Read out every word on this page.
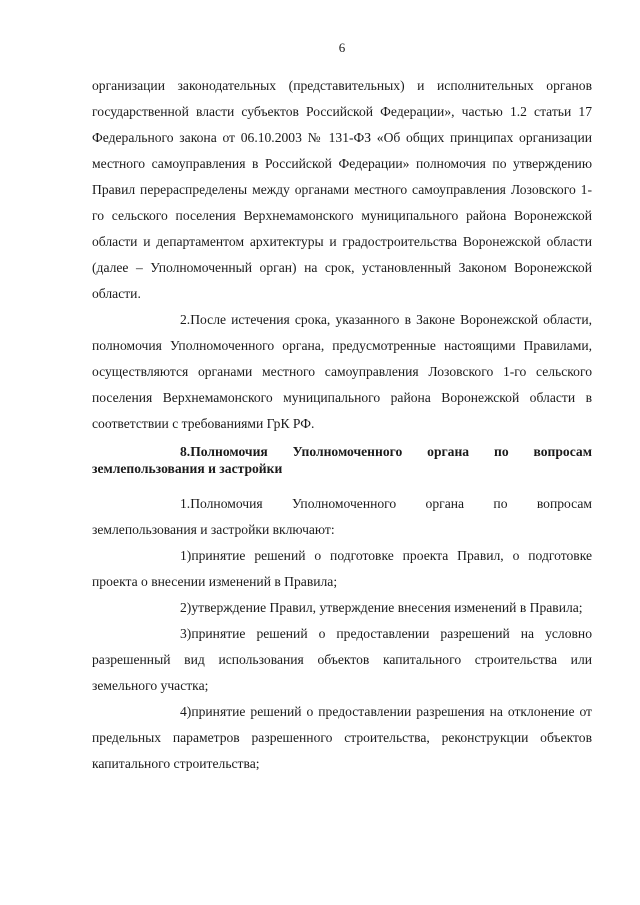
6

организации законодательных (представительных) и исполнительных органов государственной власти субъектов Российской Федерации», частью 1.2 статьи 17 Федерального закона от 06.10.2003 № 131-ФЗ «Об общих принципах организации местного самоуправления в Российской Федерации» полномочия по утверждению Правил перераспределены между органами местного самоуправления Лозовского 1-го сельского поселения Верхнемамонского муниципального района Воронежской области и департаментом архитектуры и градостроительства Воронежской области (далее – Уполномоченный орган) на срок, установленный Законом Воронежской области.

2.После истечения срока, указанного в Законе Воронежской области, полномочия Уполномоченного органа, предусмотренные настоящими Правилами, осуществляются органами местного самоуправления Лозовского 1-го сельского поселения Верхнемамонского муниципального района Воронежской области в соответствии с требованиями ГрК РФ.

8.Полномочия Уполномоченного органа по вопросам землепользования и застройки

1.Полномочия Уполномоченного органа по вопросам землепользования и застройки включают:

1)принятие решений о подготовке проекта Правил, о подготовке проекта о внесении изменений в Правила;

2)утверждение Правил, утверждение внесения изменений в Правила;

3)принятие решений о предоставлении разрешений на условно разрешенный вид использования объектов капитального строительства или земельного участка;

4)принятие решений о предоставлении разрешения на отклонение от предельных параметров разрешенного строительства, реконструкции объектов капитального строительства;
